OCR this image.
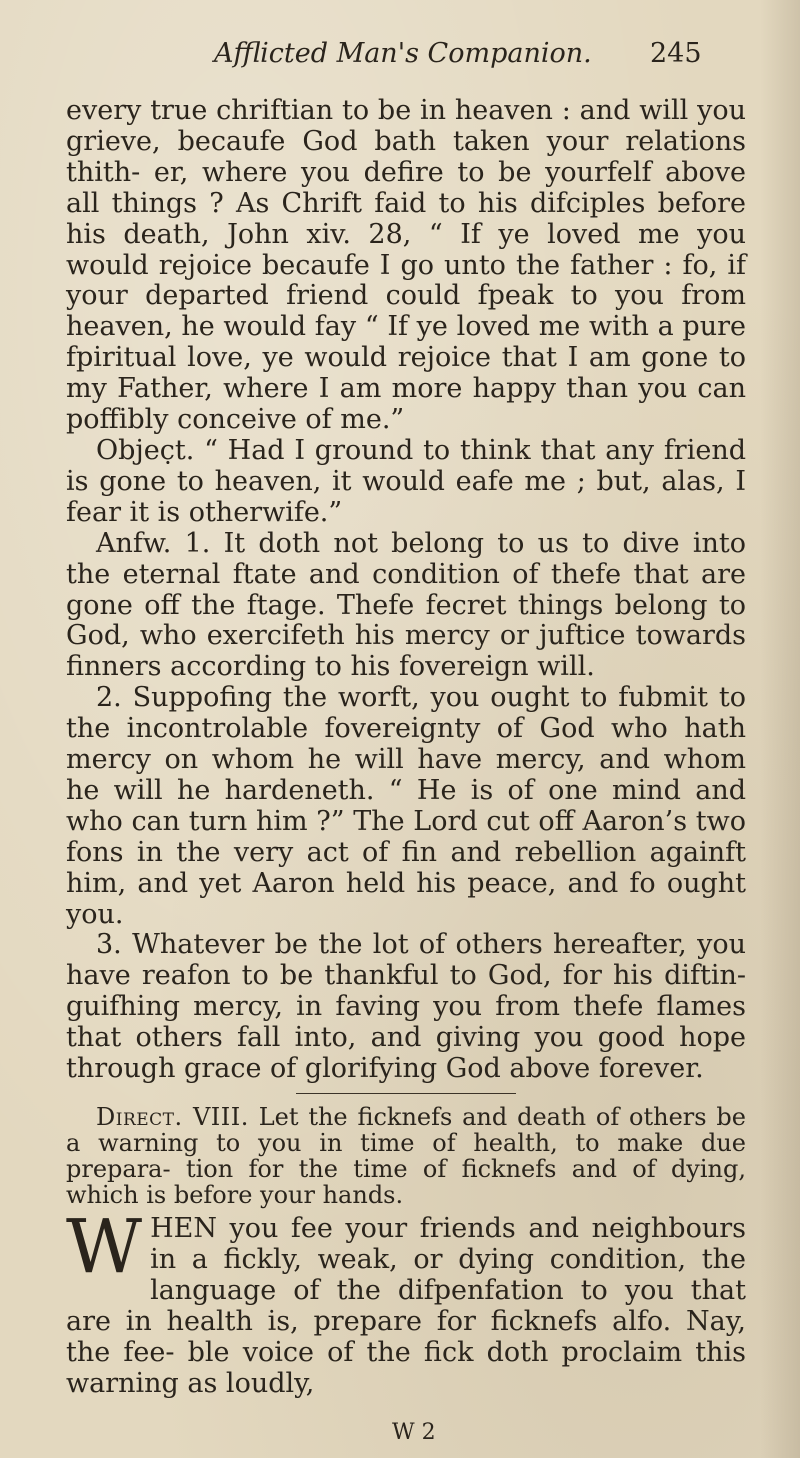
Afflicted Man's Companion. 245

every true chriftian to be in heaven : and will you grieve, becaufe God bath taken your relations thith- er, where you defire to be yourfelf above all things ? As Chrift faid to his difciples before his death, John xiv. 28, “ If ye loved me you would rejoice becaufe I go unto the father : fo, if your departed friend could fpeak to you from heaven, he would fay “ If ye loved me with a pure fpiritual love, ye would rejoice that I am gone to my Father, where I am more happy than you can poffibly conceive of me.”

Objec̣t. “ Had I ground to think that any friend is gone to heaven, it would eafe me ; but, alas, I fear it is otherwife.”

Anfw. 1. It doth not belong to us to dive into the eternal ftate and condition of thefe that are gone off the ftage. Thefe fecret things belong to God, who exercifeth his mercy or juftice towards finners according to his fovereign will.

2. Suppofing the worft, you ought to fubmit to the incontrolable fovereignty of God who hath mercy on whom he will have mercy, and whom he will he hardeneth. “ He is of one mind and who can turn him ?” The Lord cut off Aaron’s two fons in the very act of fin and rebellion againft him, and yet Aaron held his peace, and fo ought you.

3. Whatever be the lot of others hereafter, you have reafon to be thankful to God, for his diftin- guifhing mercy, in faving you from thefe flames that others fall into, and giving you good hope through grace of glorifying God above forever.

Direct. VIII. Let the ficknefs and death of others be a warning to you in time of health, to make due prepara- tion for the time of ficknefs and of dying, which is before your hands.

W HEN you fee your friends and neighbours in a fickly, weak, or dying condition, the language of the difpenfation to you that are in health is, prepare for ficknefs alfo. Nay, the fee- ble voice of the fick doth proclaim this warning as loudly,

W 2
